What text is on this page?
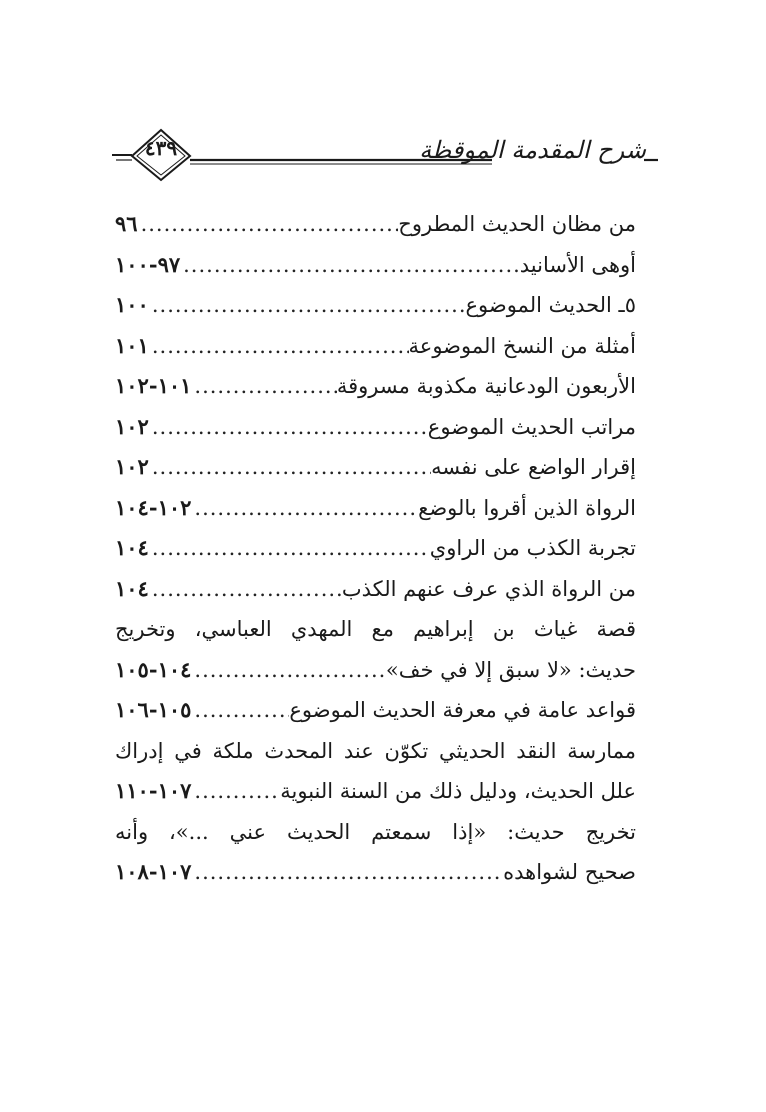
٤٣٩	شرح المقدمة الموقظة
من مظان الحديث المطروح
.....
٩٦
أوهى الأسانيد
.....
٩٧-١٠٠
٥ـ الحديث الموضوع
.....
١٠٠
أمثلة من النسخ الموضوعة
.....
١٠١
الأربعون الودعانية مكذوبة مسروقة
.....
١٠١-١٠٢
مراتب الحديث الموضوع
.....
١٠٢
إقرار الواضع على نفسه
.....
١٠٢
الرواة الذين أقروا بالوضع
.....
١٠٢-١٠٤
تجربة الكذب من الراوي
.....
١٠٤
من الرواة الذي عرف عنهم الكذب
.....
١٠٤
قصة غياث بن إبراهيم مع المهدي العباسي، وتخريج
حديث: «لا سبق إلا في خف»
.....
١٠٤-١٠٥
قواعد عامة في معرفة الحديث الموضوع
.....
١٠٥-١٠٦
ممارسة النقد الحديثي تكوّن عند المحدث ملكة في إدراك
علل الحديث، ودليل ذلك من السنة النبوية
.....
١٠٧-١١٠
تخريج حديث: «إذا سمعتم الحديث عني ...»، وأنه
صحيح لشواهده
.....
١٠٧-١٠٨
